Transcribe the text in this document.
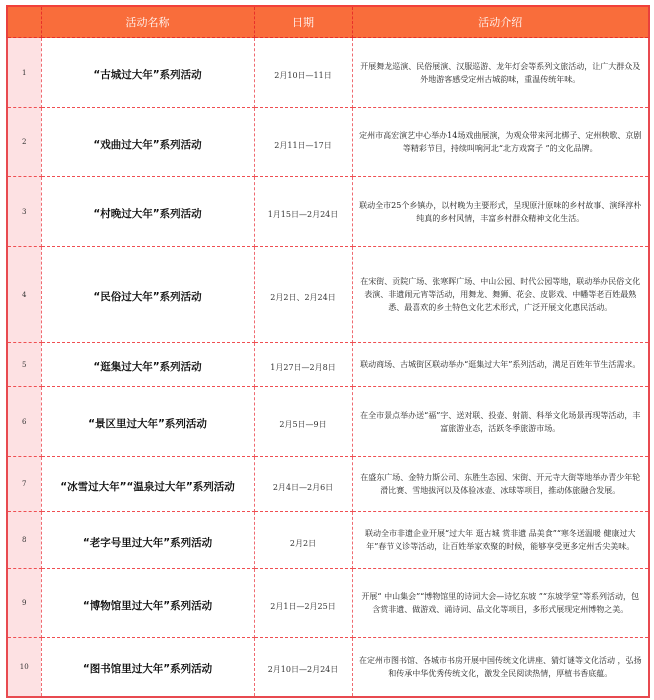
	活动名称	日期	活动介绍
1	“古城过大年”系列活动	2月10日—11日	开展舞龙巡演、民俗展演、汉服巡游、龙年灯会等系列文旅活动，让广大群众及外地游客感受定州古城韵味，重温传统年味。

2	“戏曲过大年”系列活动	2月11日—17日	定州市高宏演艺中心举办14场戏曲展演，为观众带来河北梆子、定州秧歌、京剧等精彩节目，持续叫响河北“北方戏窝子 ”的文化品牌。

3	“村晚过大年”系列活动	1月15日—2月24日	联动全市25个乡镇办，以村晚为主要形式，呈现原汁原味的乡村故事、演绎淳朴纯真的乡村风情，丰富乡村群众精神文化生活。

4	“民俗过大年”系列活动	2月2日、2月24日	在宋街、贡院广场、张寒晖广场、中山公园、时代公园等地，联动举办民俗文化表演、非遗闹元宵等活动，用舞龙、舞狮、花会、皮影戏、中幡等老百姓最熟悉、最喜欢的乡土特色文化艺术形式，广泛开展文化惠民活动。

5	“逛集过大年”系列活动	1月27日—2月8日	联动商场、古城街区联动举办“逛集过大年”系列活动，满足百姓年节生活需求。

6	“景区里过大年”系列活动	2月5日—9日	在全市景点举办送“福”字、送对联、投壶、射箭、科举文化场景再现等活动，丰富旅游业态，活跃冬季旅游市场。

7	“冰雪过大年”“温泉过大年”系列活动	2月4日—2月6日	在盛东广场、金特力斯公司、东胜生态园、宋街、开元寺大街等地举办青少年轮滑比赛、雪地拔河以及体验冰壶、冰球等项目，推动体旅融合发展。

8	“老字号里过大年”系列活动	2月2日	联动全市非遗企业开展“过大年 逛古城 赏非遗 品美食”“寒冬送温暖 健康过大年”春节义诊等活动，让百姓举家欢聚的时候，能够享受更多定州舌尖美味。

9	“博物馆里过大年”系列活动	2月1日—2月25日	开展“ 中山集会”“博物馆里的诗词大会—诗忆东坡 ”“东坡学堂”等系列活动，包含赏非遗、做游戏、诵诗词、品文化等项目，多形式展现定州博物之美。

10	“图书馆里过大年”系列活动	2月10日—2月24日	在定州市图书馆、各城市书房开展中国传统文化讲座、猜灯谜等文化活动 ，弘扬和传承中华优秀传统文化，激发全民阅读热情，厚植书香底蕴。
